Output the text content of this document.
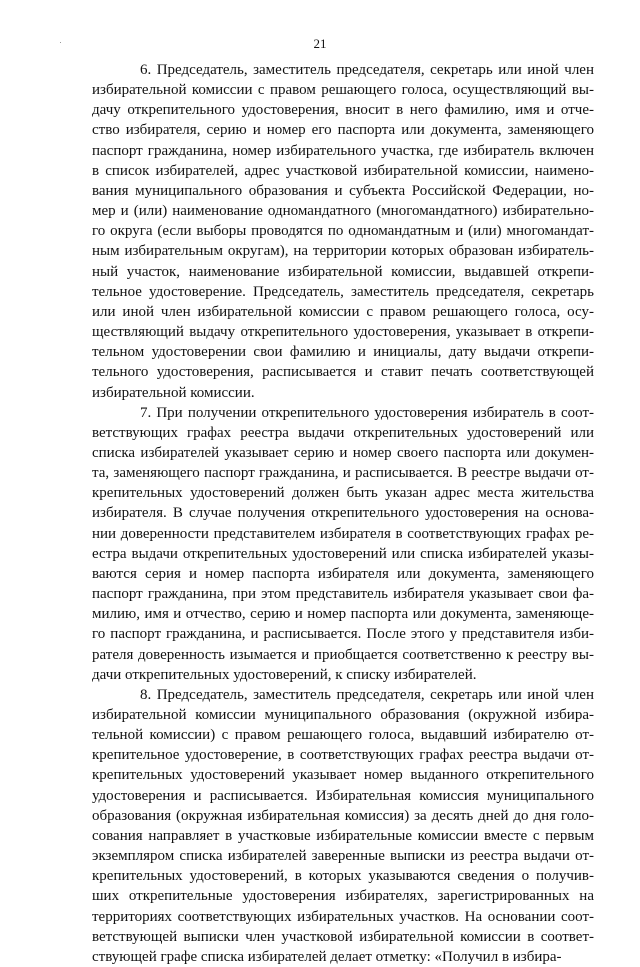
21
6. Председатель, заместитель председателя, секретарь или иной член
избирательной комиссии с правом решающего голоса, осуществляющий вы-
дачу открепительного удостоверения, вносит в него фамилию, имя и отче-
ство избирателя, серию и номер его паспорта или документа, заменяющего
паспорт гражданина, номер избирательного участка, где избиратель включен
в список избирателей, адрес участковой избирательной комиссии, наимено-
вания муниципального образования и субъекта Российской Федерации, но-
мер и (или) наименование одномандатного (многомандатного) избирательно-
го округа (если выборы проводятся по одномандатным и (или) многомандат-
ным избирательным округам), на территории которых образован избиратель-
ный участок, наименование избирательной комиссии, выдавшей открепи-
тельное удостоверение. Председатель, заместитель председателя, секретарь
или иной член избирательной комиссии с правом решающего голоса, осу-
ществляющий выдачу открепительного удостоверения, указывает в открепи-
тельном удостоверении свои фамилию и инициалы, дату выдачи открепи-
тельного удостоверения, расписывается и ставит печать соответствующей
избирательной комиссии.
7. При получении открепительного удостоверения избиратель в соот-
ветствующих графах реестра выдачи открепительных удостоверений или
списка избирателей указывает серию и номер своего паспорта или докумен-
та, заменяющего паспорт гражданина, и расписывается. В реестре выдачи от-
крепительных удостоверений должен быть указан адрес места жительства
избирателя. В случае получения открепительного удостоверения на основа-
нии доверенности представителем избирателя в соответствующих графах ре-
естра выдачи открепительных удостоверений или списка избирателей указы-
ваются серия и номер паспорта избирателя или документа, заменяющего
паспорт гражданина, при этом представитель избирателя указывает свои фа-
милию, имя и отчество, серию и номер паспорта или документа, заменяюще-
го паспорт гражданина, и расписывается. После этого у представителя изби-
рателя доверенность изымается и приобщается соответственно к реестру вы-
дачи открепительных удостоверений, к списку избирателей.
8. Председатель, заместитель председателя, секретарь или иной член
избирательной комиссии муниципального образования (окружной избира-
тельной комиссии) с правом решающего голоса, выдавший избирателю от-
крепительное удостоверение, в соответствующих графах реестра выдачи от-
крепительных удостоверений указывает номер выданного открепительного
удостоверения и расписывается. Избирательная комиссия муниципального
образования (окружная избирательная комиссия) за десять дней до дня голо-
сования направляет в участковые избирательные комиссии вместе с первым
экземпляром списка избирателей заверенные выписки из реестра выдачи от-
крепительных удостоверений, в которых указываются сведения о получив-
ших открепительные удостоверения избирателях, зарегистрированных на
территориях соответствующих избирательных участков. На основании соот-
ветствующей выписки член участковой избирательной комиссии в соответ-
ствующей графе списка избирателей делает отметку: «Получил в избира-
